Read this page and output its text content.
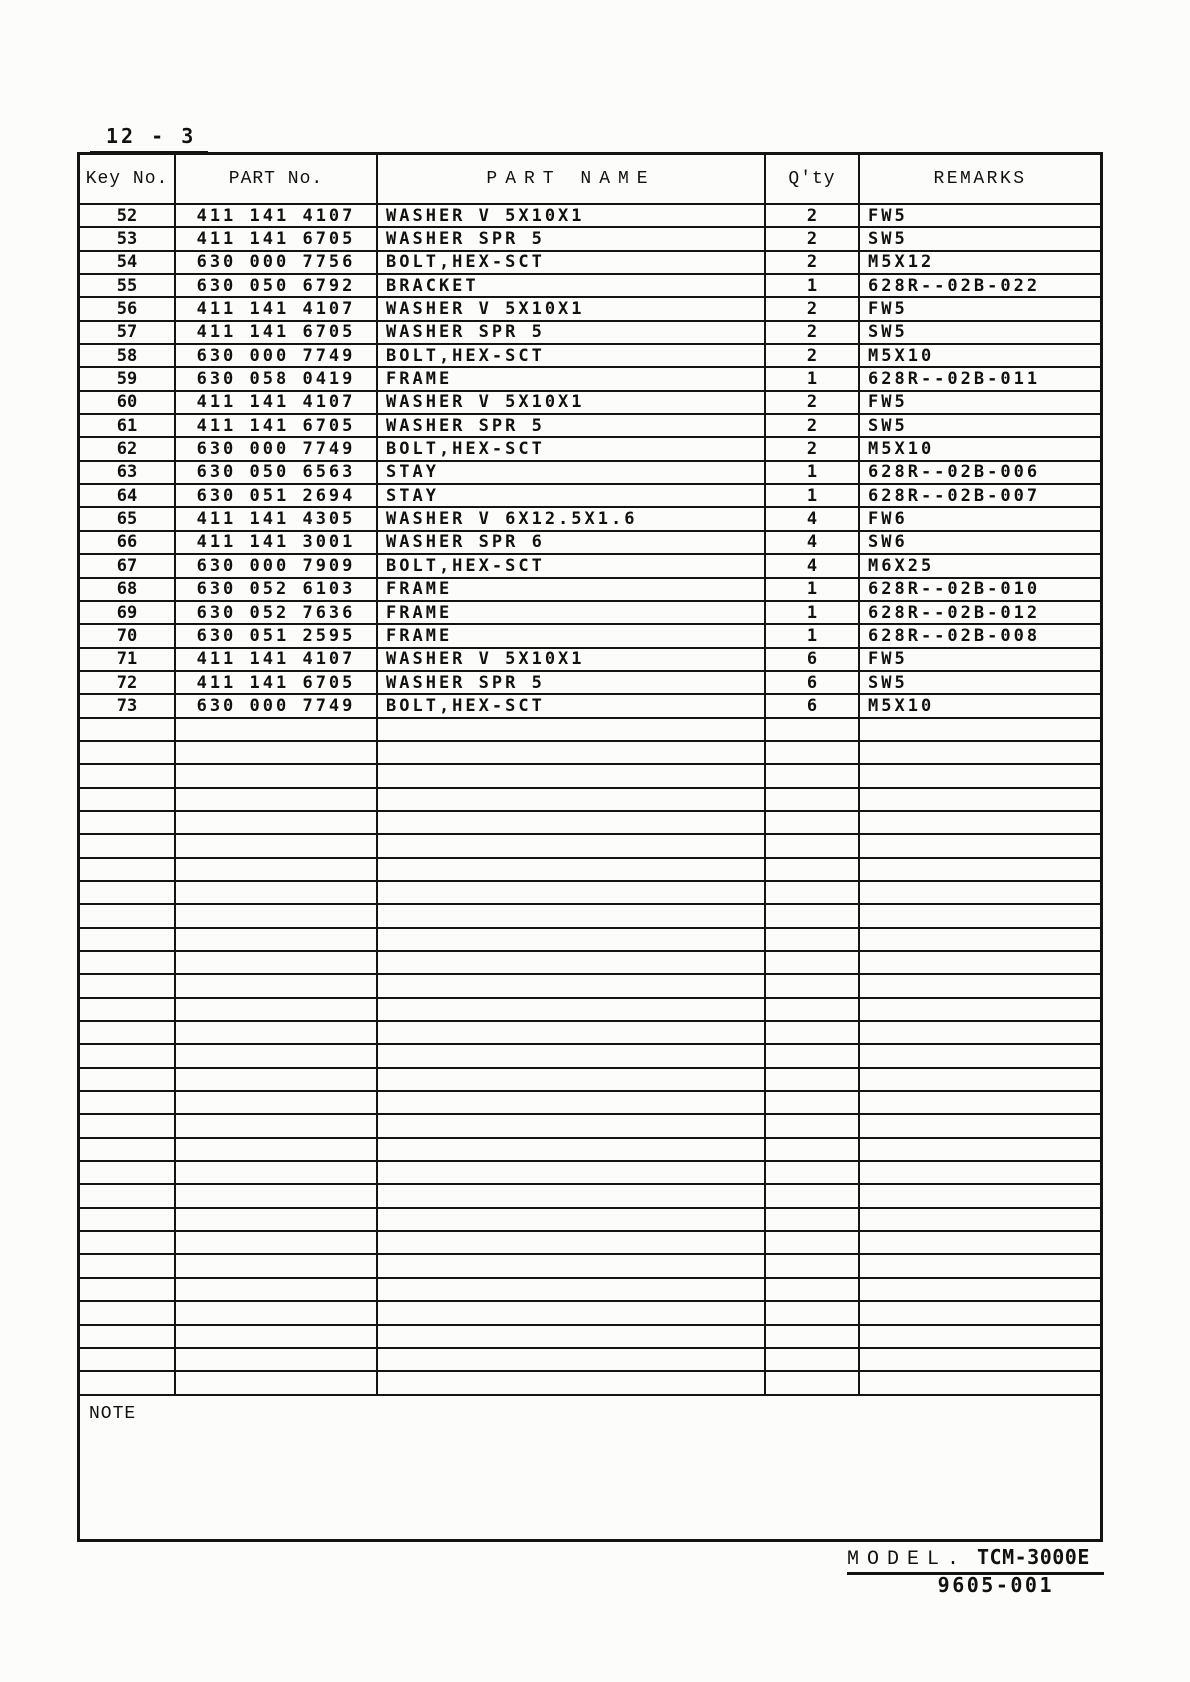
12 - 3
Key No.	PART No.	PART NAME	Q'ty	REMARKS
52	411 141 4107	WASHER V 5X10X1	2	FW5
53	411 141 6705	WASHER SPR 5	2	SW5
54	630 000 7756	BOLT,HEX-SCT	2	M5X12
55	630 050 6792	BRACKET	1	628R--02B-022
56	411 141 4107	WASHER V 5X10X1	2	FW5
57	411 141 6705	WASHER SPR 5	2	SW5
58	630 000 7749	BOLT,HEX-SCT	2	M5X10
59	630 058 0419	FRAME	1	628R--02B-011
60	411 141 4107	WASHER V 5X10X1	2	FW5
61	411 141 6705	WASHER SPR 5	2	SW5
62	630 000 7749	BOLT,HEX-SCT	2	M5X10
63	630 050 6563	STAY	1	628R--02B-006
64	630 051 2694	STAY	1	628R--02B-007
65	411 141 4305	WASHER V 6X12.5X1.6	4	FW6
66	411 141 3001	WASHER SPR 6	4	SW6
67	630 000 7909	BOLT,HEX-SCT	4	M6X25
68	630 052 6103	FRAME	1	628R--02B-010
69	630 052 7636	FRAME	1	628R--02B-012
70	630 051 2595	FRAME	1	628R--02B-008
71	411 141 4107	WASHER V 5X10X1	6	FW5
72	411 141 6705	WASHER SPR 5	6	SW5
73	630 000 7749	BOLT,HEX-SCT	6	M5X10
NOTE
MODEL. TCM-3000E
9605-001
